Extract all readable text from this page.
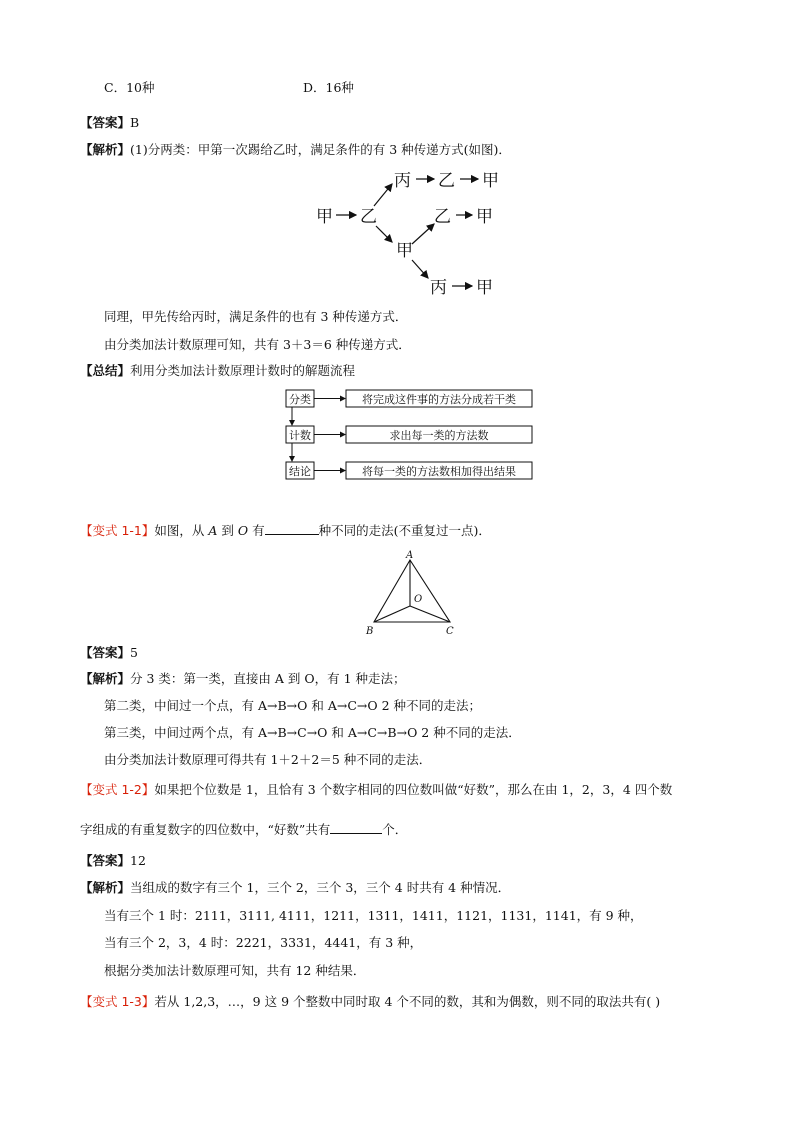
C．10种	D．16种
【答案】B
【解析】(1)分两类：甲第一次踢给乙时，满足条件的有 3 种传递方式(如图)．
甲 乙
丙 乙 甲
乙 甲
甲
丙 甲
同理，甲先传给丙时，满足条件的也有 3 种传递方式．
由分类加法计数原理可知，共有 3＋3＝6 种传递方式．
【总结】利用分类加法计数原理计数时的解题流程
分类
计数
结论
将完成这件事的方法分成若干类
求出每一类的方法数
将每一类的方法数相加得出结果
【变式 1-1】如图，从 A 到 O 有	种不同的走法(不重复过一点)．
A
O
B	C
【答案】5
【解析】分 3 类：第一类，直接由 A 到 O，有 1 种走法；
第二类，中间过一个点，有 A→B→O 和 A→C→O 2 种不同的走法；
第三类，中间过两个点，有 A→B→C→O 和 A→C→B→O 2 种不同的走法．
由分类加法计数原理可得共有 1＋2＋2＝5 种不同的走法．
【变式 1-2】如果把个位数是 1，且恰有 3 个数字相同的四位数叫做“好数”，那么在由 1，2，3，4 四个数
字组成的有重复数字的四位数中，“好数”共有	个．
【答案】12
【解析】当组成的数字有三个 1，三个 2，三个 3，三个 4 时共有 4 种情况．
当有三个 1 时：2111，3111, 4111，1211，1311，1411，1121，1131，1141，有 9 种，
当有三个 2，3，4 时：2221，3331，4441，有 3 种，
根据分类加法计数原理可知，共有 12 种结果．
【变式 1-3】若从 1,2,3，…，9 这 9 个整数中同时取 4 个不同的数，其和为偶数，则不同的取法共有( )
